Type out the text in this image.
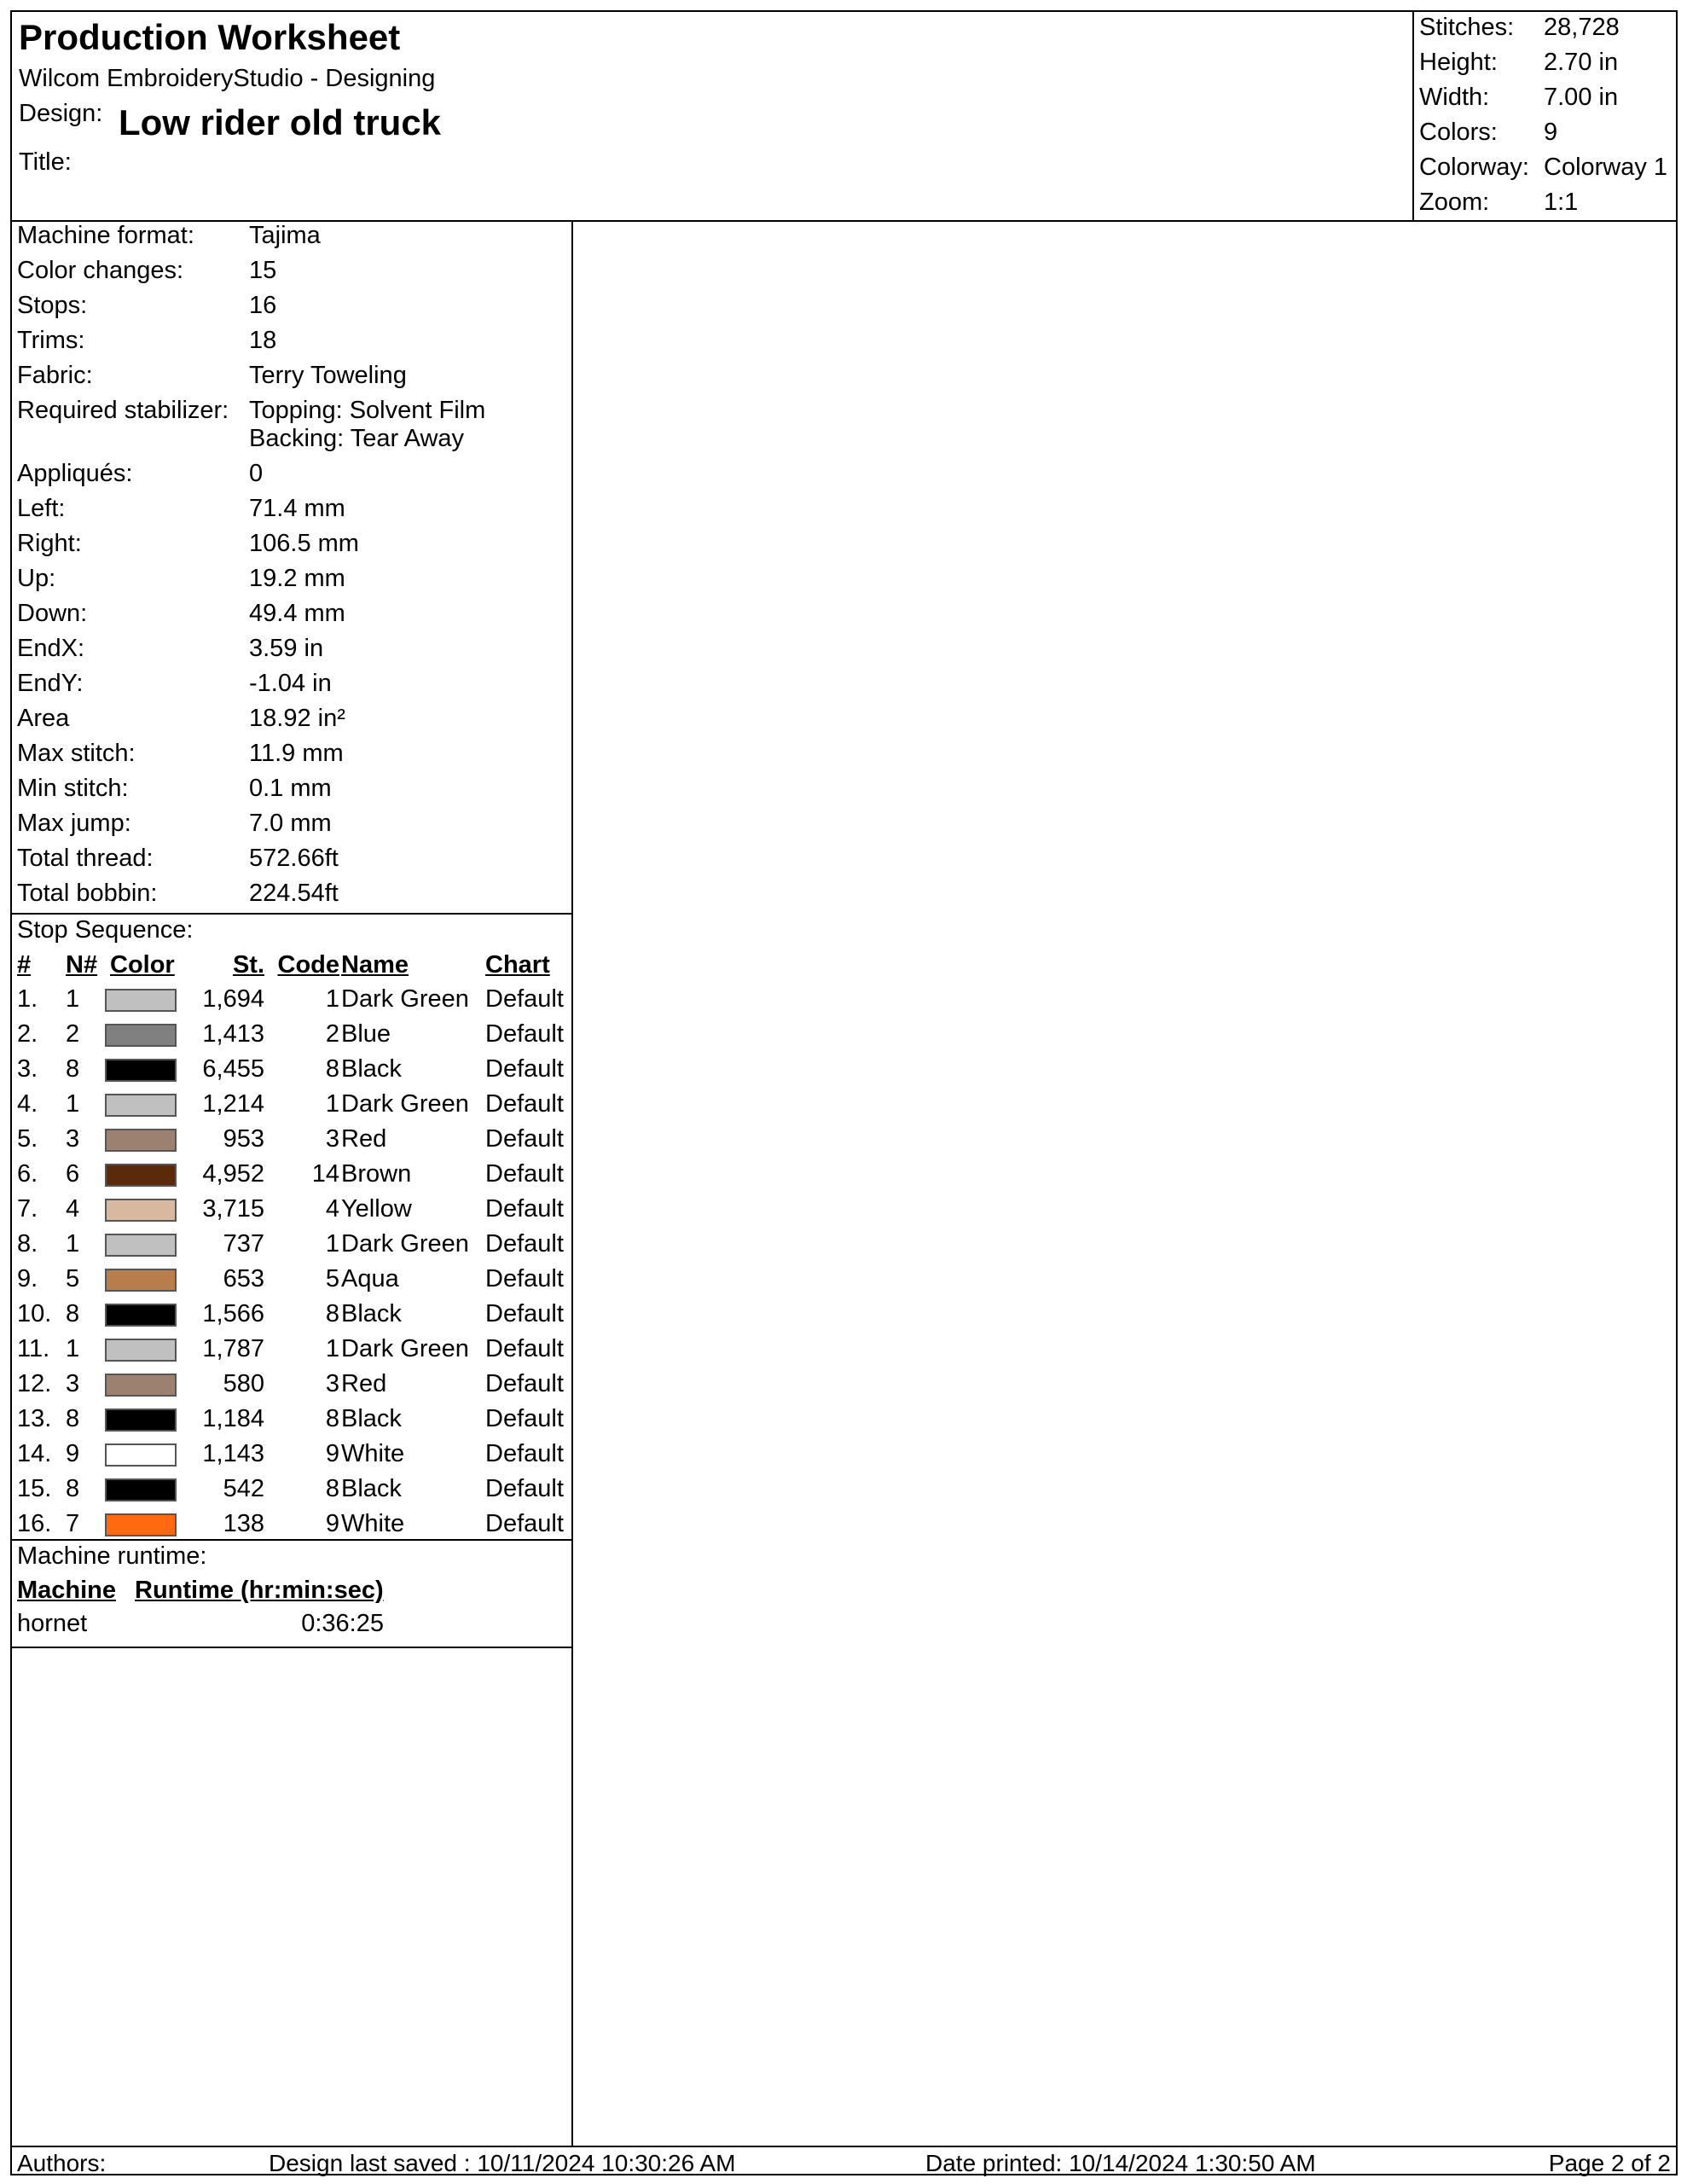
Production Worksheet
Wilcom EmbroideryStudio - Designing
Design: Low rider old truck
Title:
Stitches:	28,728
Height:	2.70 in
Width:	7.00 in
Colors:	9
Colorway: Colorway 1
Zoom:	1:1
Machine format: Tajima
Color changes:	15
Stops:	16
Trims:	18
Fabric:	Terry Toweling
Required stabilizer: Topping: Solvent Film
Backing: Tear Away
Appliqués:	0
Left:	71.4 mm
Right:	106.5 mm
Up:	19.2 mm
Down:	49.4 mm
EndX:	3.59 in
EndY:	-1.04 in
Area	18.92 in²
Max stitch:	11.9 mm
Min stitch:	0.1 mm
Max jump:	7.0 mm
Total thread:	572.66ft
Total bobbin:	224.54ft
Stop Sequence:
# N# Color	St. Code Name	Chart
1. 1	1,694	1 Dark Green Default
2. 2	1,413	2 Blue	Default
3. 8	6,455	8 Black	Default
4. 1	1,214	1 Dark Green Default
5. 3	953	3 Red	Default
6. 6	4,952	14 Brown	Default
7. 4	3,715	4 Yellow	Default
8. 1	737	1 Dark Green Default
9. 5	653	5 Aqua	Default
10. 8	1,566	8 Black	Default
11. 1	1,787	1 Dark Green Default
12. 3	580	3 Red	Default
13. 8	1,184	8 Black	Default
14. 9	1,143	9 White	Default
15. 8	542	8 Black	Default
16. 7	138	9 White	Default
Machine runtime:
Machine Runtime (hr:min:sec)
hornet	0:36:25
Authors:	Design last saved : 10/11/2024 10:30:26 AM	Date printed: 10/14/2024 1:30:50 AM	Page 2 of 2
